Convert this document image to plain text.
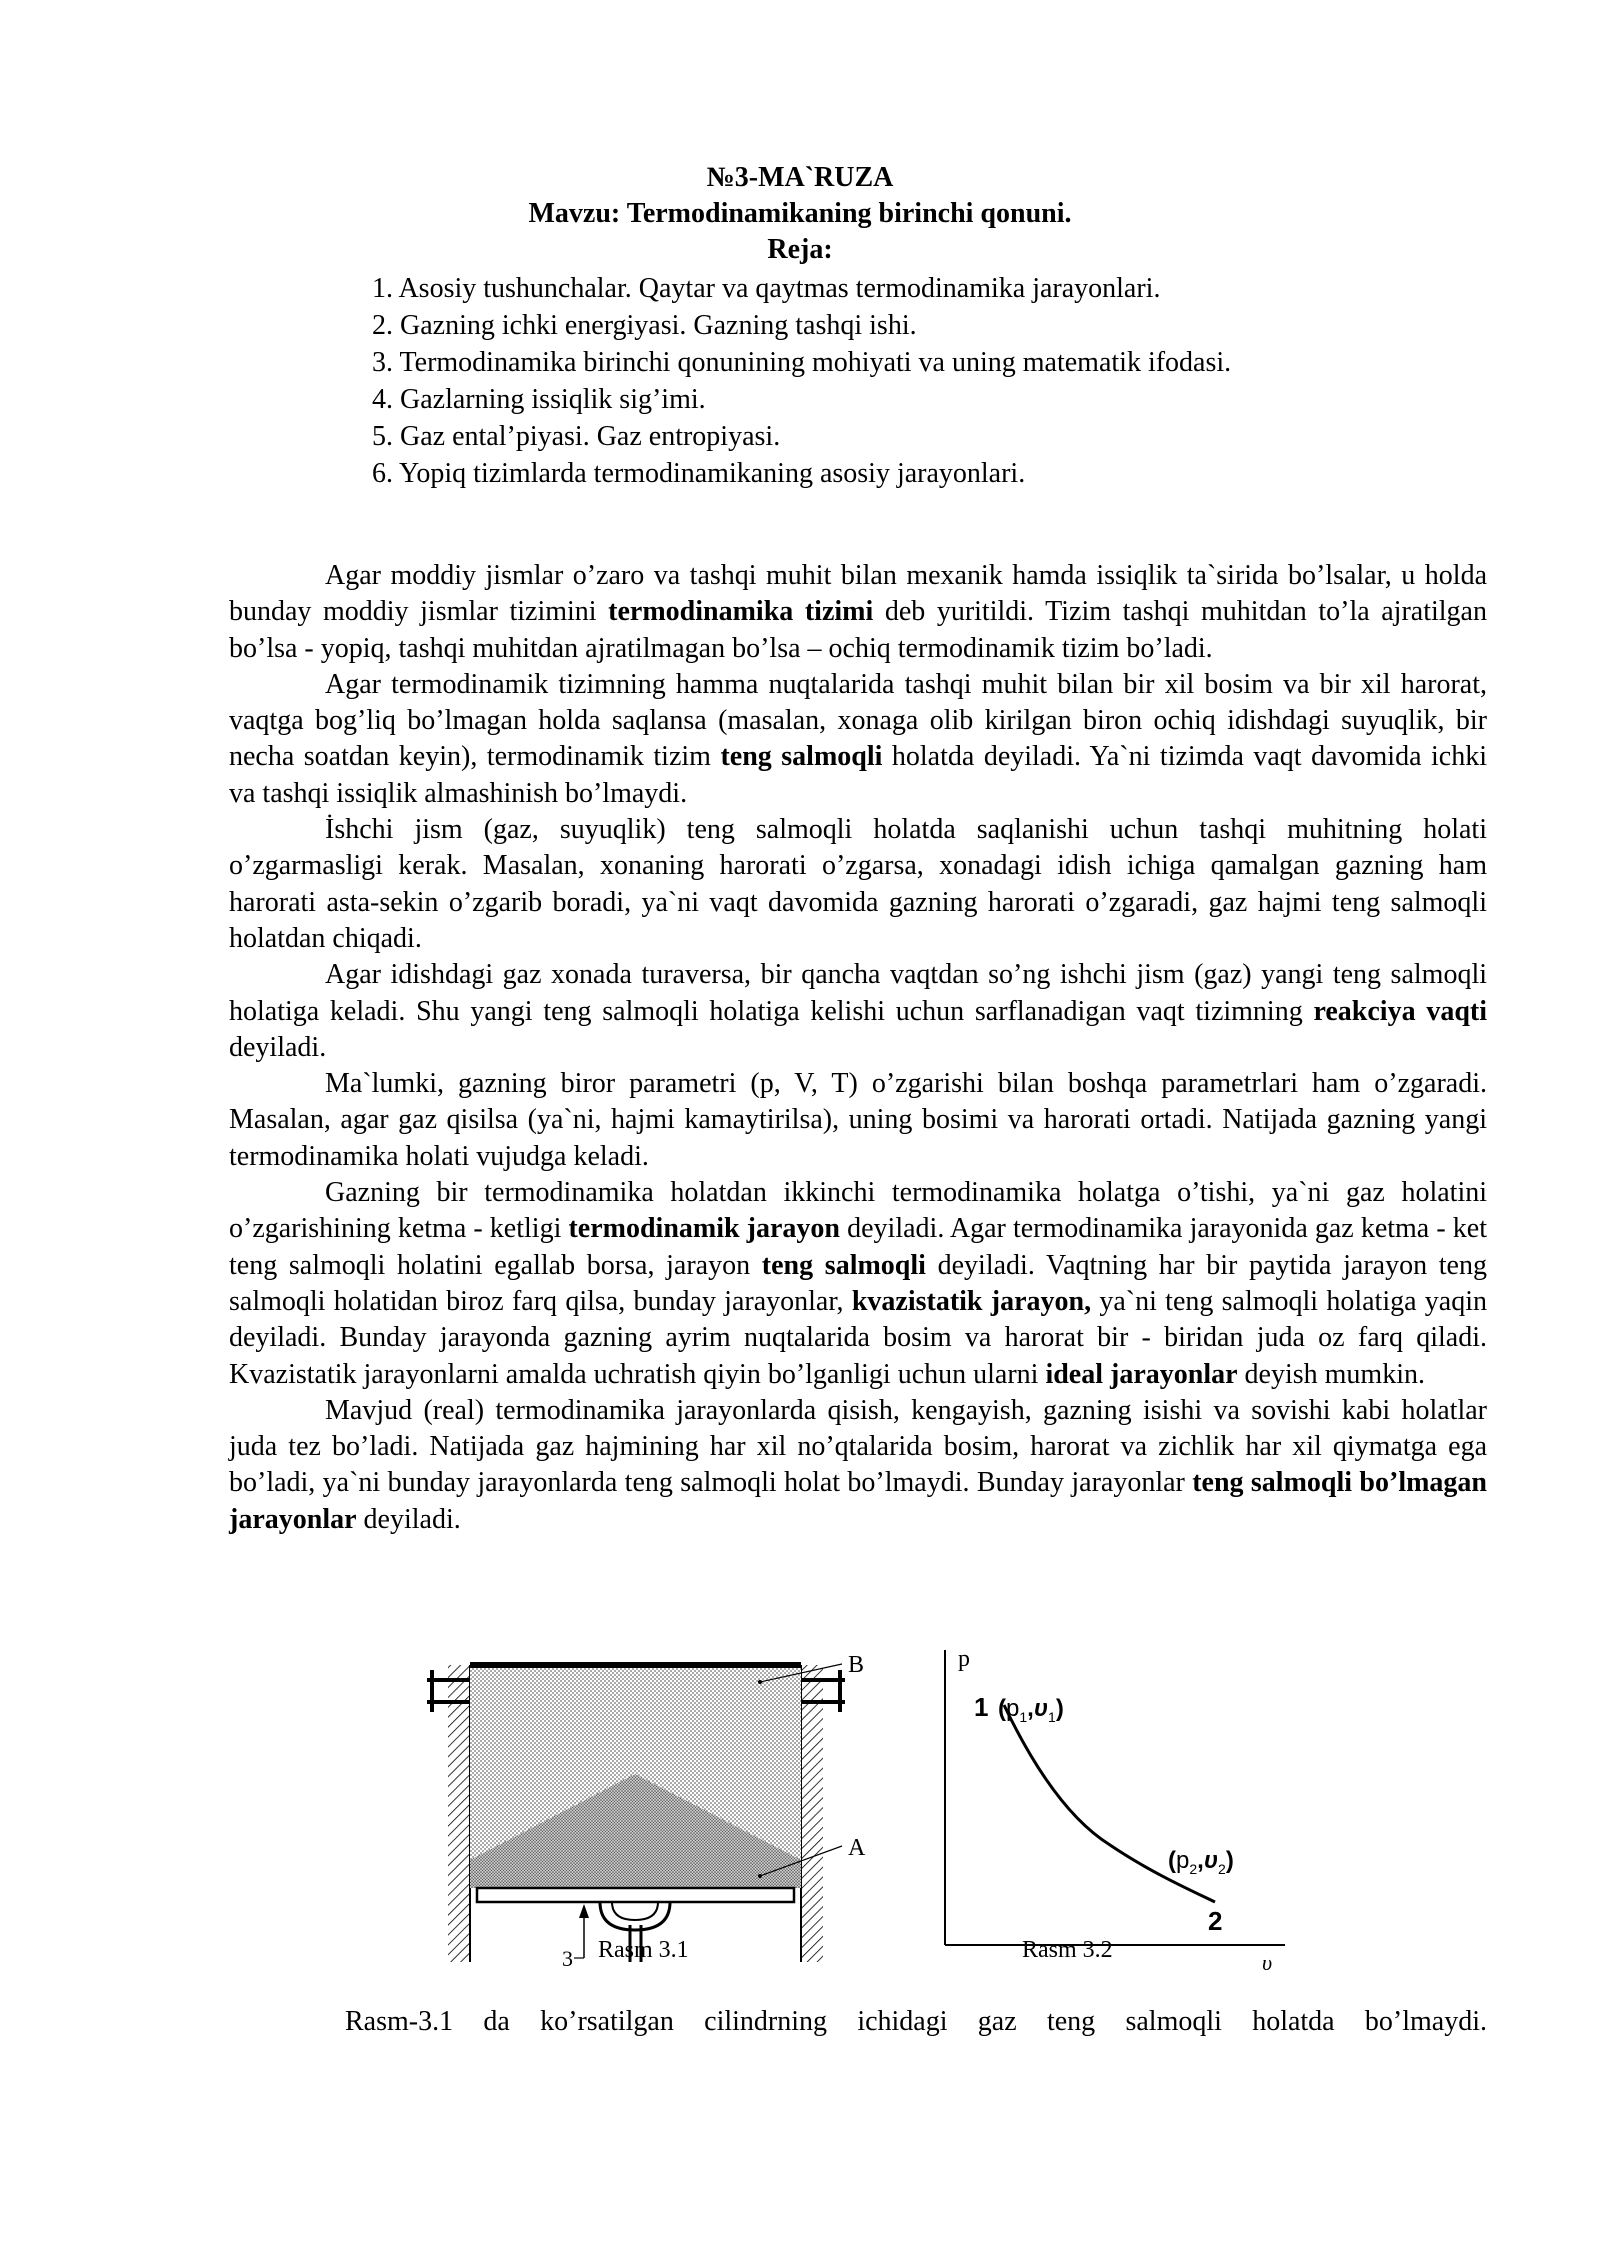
№3-MA`RUZA
Mavzu: Termodinamikaning birinchi qonuni.
Reja:
1. Asosiy tushunchalar. Qaytar va qaytmas termodinamika jarayonlari.
2. Gazning ichki energiyasi. Gazning tashqi ishi.
3. Termodinamika birinchi qonunining mohiyati va uning matematik ifodasi.
4. Gazlarning issiqlik sig’imi.
5. Gaz ental’piyasi. Gaz entropiyasi.
6. Yopiq tizimlarda termodinamikaning asosiy jarayonlari.

Agar moddiy jismlar o’zaro va tashqi muhit bilan mexanik hamda issiqlik ta`sirida bo’lsalar, u holda bunday moddiy jismlar tizimini termodinamika tizimi deb yuritildi. Tizim tashqi muhitdan to’la ajratilgan bo’lsa - yopiq, tashqi muhitdan ajratilmagan bo’lsa – ochiq termodinamik tizim bo’ladi.

Agar termodinamik tizimning hamma nuqtalarida tashqi muhit bilan bir xil bosim va bir xil harorat, vaqtga bog’liq bo’lmagan holda saqlansa (masalan, xonaga olib kirilgan biron ochiq idishdagi suyuqlik, bir necha soatdan keyin), termodinamik tizim teng salmoqli holatda deyiladi. Ya`ni tizimda vaqt davomida ichki va tashqi issiqlik almashinish bo’lmaydi.

İshchi jism (gaz, suyuqlik) teng salmoqli holatda saqlanishi uchun tashqi muhitning holati o’zgarmasligi kerak. Masalan, xonaning harorati o’zgarsa, xonadagi idish ichiga qamalgan gazning ham harorati asta-sekin o’zgarib boradi, ya`ni vaqt davomida gazning harorati o’zgaradi, gaz hajmi teng salmoqli holatdan chiqadi.

Agar idishdagi gaz xonada turaversa, bir qancha vaqtdan so’ng ishchi jism (gaz) yangi teng salmoqli holatiga keladi. Shu yangi teng salmoqli holatiga kelishi uchun sarflanadigan vaqt tizimning reakciya vaqti deyiladi.

Ma`lumki, gazning biror parametri (p, V, T) o’zgarishi bilan boshqa parametrlari ham o’zgaradi. Masalan, agar gaz qisilsa (ya`ni, hajmi kamaytirilsa), uning bosimi va harorati ortadi. Natijada gazning yangi termodinamika holati vujudga keladi.

Gazning bir termodinamika holatdan ikkinchi termodinamika holatga o’tishi, ya`ni gaz holatini o’zgarishining ketma - ketligi termodinamik jarayon deyiladi. Agar termodinamika jarayonida gaz ketma - ket teng salmoqli holatini egallab borsa, jarayon teng salmoqli deyiladi. Vaqtning har bir paytida jarayon teng salmoqli holatidan biroz farq qilsa, bunday jarayonlar, kvazistatik jarayon, ya`ni teng salmoqli holatiga yaqin deyiladi. Bunday jarayonda gazning ayrim nuqtalarida bosim va harorat bir - biridan juda oz farq qiladi. Kvazistatik jarayonlarni amalda uchratish qiyin bo’lganligi uchun ularni ideal jarayonlar deyish mumkin.

Mavjud (real) termodinamika jarayonlarda qisish, kengayish, gazning isishi va sovishi kabi holatlar juda tez bo’ladi. Natijada gaz hajmining har xil no’qtalarida bosim, harorat va zichlik har xil qiymatga ega bo’ladi, ya`ni bunday jarayonlarda teng salmoqli holat bo’lmaydi. Bunday jarayonlar teng salmoqli bo’lmagan jarayonlar deyiladi.

B
A
3
p
υ
1 $(p_1,\upsilon_1)$
$(p_2,\upsilon_2)$
2
Rasm 3.1	Rasm 3.2
Rasm-3.1 da ko’rsatilgan cilindrning ichidagi gaz teng salmoqli holatda bo’lmaydi.
